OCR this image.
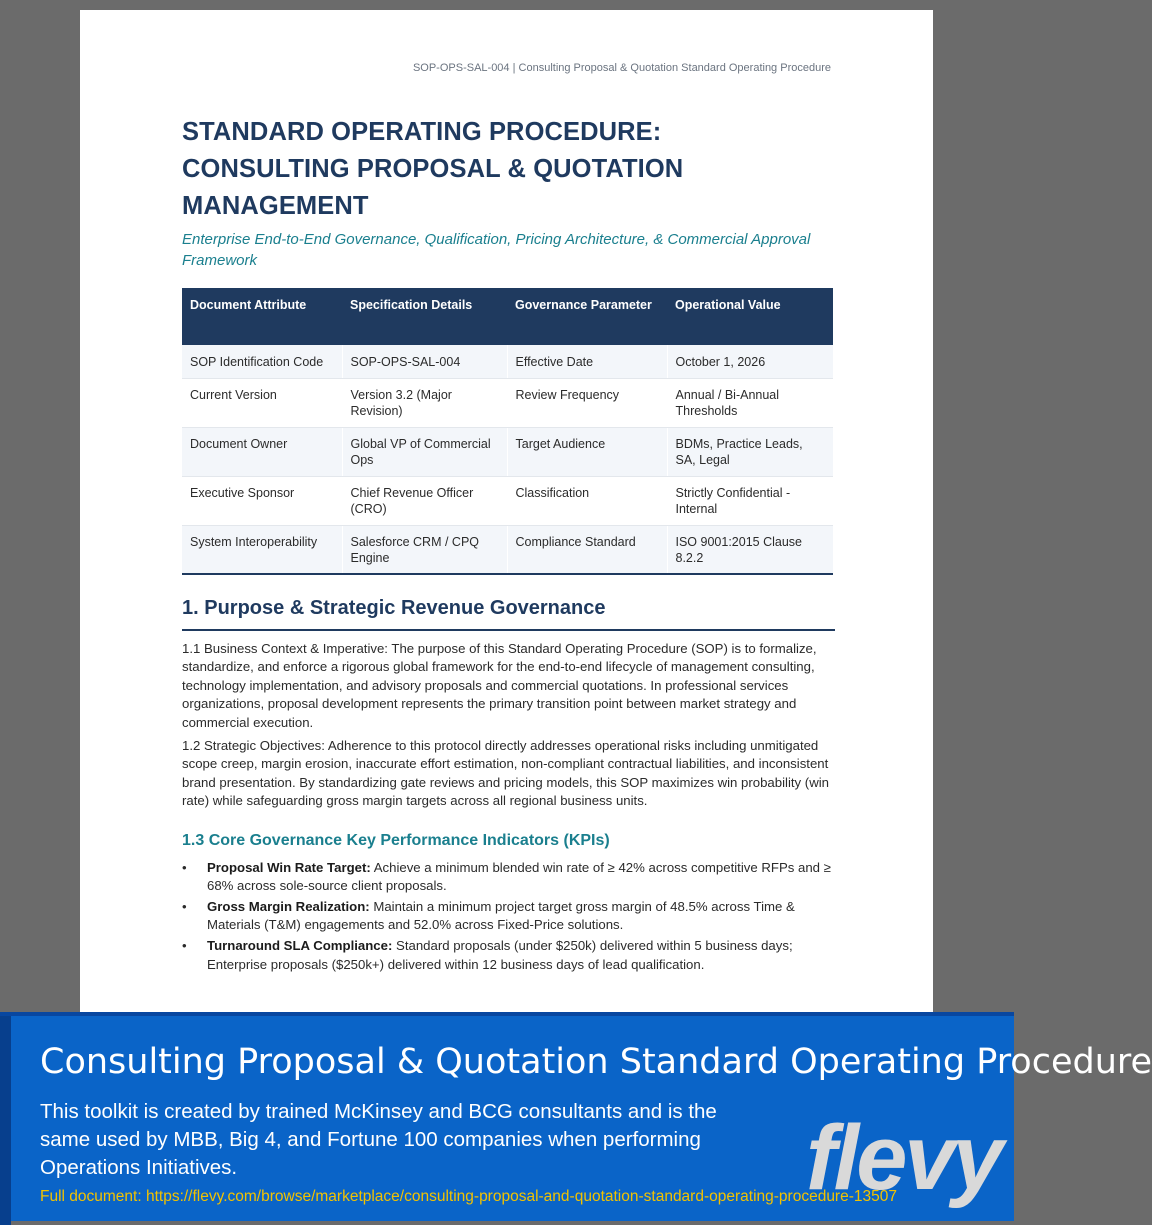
SOP-OPS-SAL-004 | Consulting Proposal & Quotation Standard Operating Procedure
STANDARD OPERATING PROCEDURE:
CONSULTING PROPOSAL & QUOTATION
MANAGEMENT

Enterprise End-to-End Governance, Qualification, Pricing Architecture, & Commercial Approval Framework

Document Attribute	Specification Details	Governance Parameter	Operational Value
SOP Identification Code	SOP-OPS-SAL-004	Effective Date	October 1, 2026
Current Version	Version 3.2 (Major Revision)	Review Frequency	Annual / Bi-Annual Thresholds
Document Owner	Global VP of Commercial Ops	Target Audience	BDMs, Practice Leads, SA, Legal
Executive Sponsor	Chief Revenue Officer (CRO)	Classification	Strictly Confidential - Internal
System Interoperability	Salesforce CRM / CPQ Engine	Compliance Standard	ISO 9001:2015 Clause 8.2.2
1. Purpose & Strategic Revenue Governance

1.1 Business Context & Imperative: The purpose of this Standard Operating Procedure (SOP) is to formalize, standardize, and enforce a rigorous global framework for the end-to-end lifecycle of management consulting, technology implementation, and advisory proposals and commercial quotations. In professional services organizations, proposal development represents the primary transition point between market strategy and commercial execution.

1.2 Strategic Objectives: Adherence to this protocol directly addresses operational risks including unmitigated scope creep, margin erosion, inaccurate effort estimation, non-compliant contractual liabilities, and inconsistent brand presentation. By standardizing gate reviews and pricing models, this SOP maximizes win probability (win rate) while safeguarding gross margin targets across all regional business units.

1.3 Core Governance Key Performance Indicators (KPIs)
• Proposal Win Rate Target: Achieve a minimum blended win rate of ≥ 42% across competitive RFPs and ≥ 68% across sole-source client proposals.
• Gross Margin Realization: Maintain a minimum project target gross margin of 48.5% across Time & Materials (T&M) engagements and 52.0% across Fixed-Price solutions.
• Turnaround SLA Compliance: Standard proposals (under $250k) delivered within 5 business days; Enterprise proposals ($250k+) delivered within 12 business days of lead qualification.
Consulting Proposal & Quotation Standard Operating Procedure
This toolkit is created by trained McKinsey and BCG consultants and is the same used by MBB, Big 4, and Fortune 100 companies when performing Operations Initiatives.
Full document: https://flevy.com/browse/marketplace/consulting-proposal-and-quotation-standard-operating-procedure-13507
flevy
